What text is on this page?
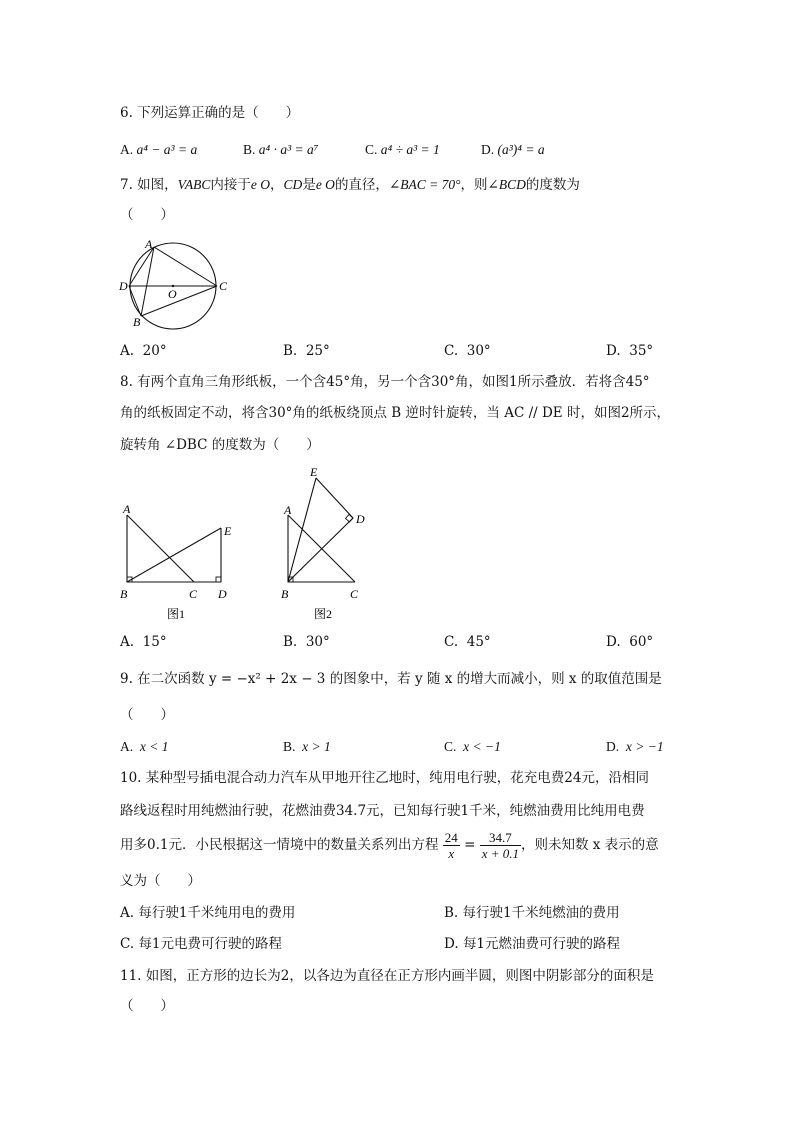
6. 下列运算正确的是（　　）
A. a⁴ − a³ = a	B. a⁴ · a³ = a⁷	C. a⁴ ÷ a³ = 1	D. (a³)⁴ = a
7. 如图，VABC内接于e O，CD是e O的直径，∠BAC = 70°，则∠BCD的度数为
（　　）
A
D
O
C
B
A. 20°	B. 25°	C. 30°	D. 35°
8. 有两个直角三角形纸板，一个含45°角，另一个含30°角，如图1所示叠放．若将含45°
角的纸板固定不动，将含30°角的纸板绕顶点 B 逆时针旋转，当 AC // DE 时，如图2所示，
旋转角 ∠DBC 的度数为（　　）
A
E
B	C D
图1
E
A
D
B	C
图2
A. 15°	B. 30°	C. 45°	D. 60°
9. 在二次函数 y = −x² + 2x − 3 的图象中，若 y 随 x 的增大而减小，则 x 的取值范围是
（　　）
A. x < 1	B. x > 1	C. x < −1	D. x > −1
10. 某种型号插电混合动力汽车从甲地开往乙地时，纯用电行驶，花充电费24元，沿相同
路线返程时用纯燃油行驶，花燃油费34.7元，已知每行驶1千米，纯燃油费用比纯用电费
用多0.1元．小民根据这一情境中的数量关系列出方程 $\frac{24}{x} = \frac{34.7}{x + 0.1}$ ，则未知数 x 表示的意
义为（　　）
A. 每行驶1千米纯用电的费用	B. 每行驶1千米纯燃油的费用
C. 每1元电费可行驶的路程	D. 每1元燃油费可行驶的路程
11. 如图，正方形的边长为2，以各边为直径在正方形内画半圆，则图中阴影部分的面积是
（　　）
